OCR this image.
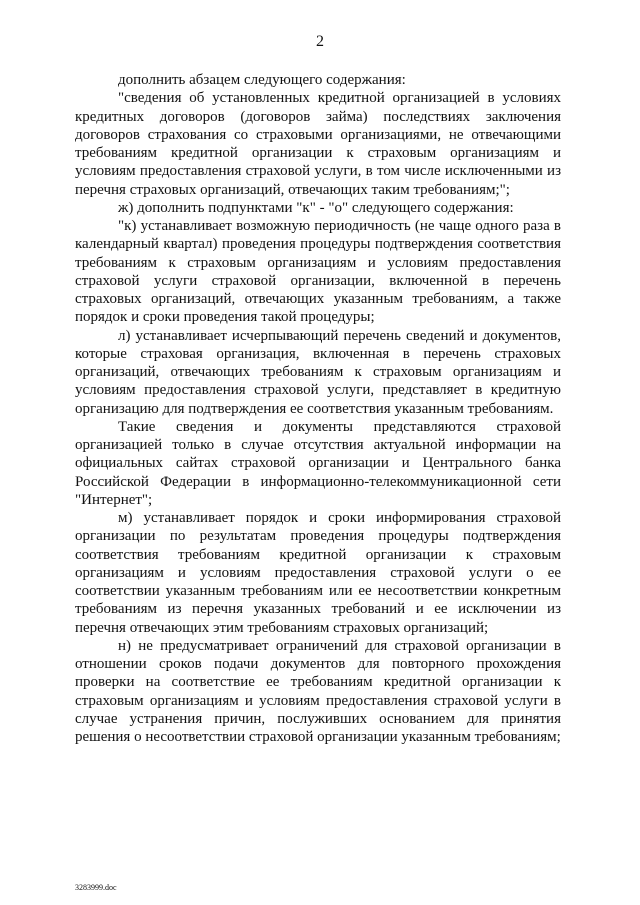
2

дополнить абзацем следующего содержания:

"сведения об установленных кредитной организацией в условиях кредитных договоров (договоров займа) последствиях заключения договоров страхования со страховыми организациями, не отвечающими требованиям кредитной организации к страховым организациям и условиям предоставления страховой услуги, в том числе исключенными из перечня страховых организаций, отвечающих таким требованиям;";

ж) дополнить подпунктами "к" - "о" следующего содержания:

"к) устанавливает возможную периодичность (не чаще одного раза в календарный квартал) проведения процедуры подтверждения соответствия требованиям к страховым организациям и условиям предоставления страховой услуги страховой организации, включенной в перечень страховых организаций, отвечающих указанным требованиям, а также порядок и сроки проведения такой процедуры;

л) устанавливает исчерпывающий перечень сведений и документов, которые страховая организация, включенная в перечень страховых организаций, отвечающих требованиям к страховым организациям и условиям предоставления страховой услуги, представляет в кредитную организацию для подтверждения ее соответствия указанным требованиям.

Такие сведения и документы представляются страховой организацией только в случае отсутствия актуальной информации на официальных сайтах страховой организации и Центрального банка Российской Федерации в информационно-телекоммуникационной сети "Интернет";

м) устанавливает порядок и сроки информирования страховой организации по результатам проведения процедуры подтверждения соответствия требованиям кредитной организации к страховым организациям и условиям предоставления страховой услуги о ее соответствии указанным требованиям или ее несоответствии конкретным требованиям из перечня указанных требований и ее исключении из перечня отвечающих этим требованиям страховых организаций;

н) не предусматривает ограничений для страховой организации в отношении сроков подачи документов для повторного прохождения проверки на соответствие ее требованиям кредитной организации к страховым организациям и условиям предоставления страховой услуги в случае устранения причин, послуживших основанием для принятия решения о несоответствии страховой организации указанным требованиям;

3283999.doc
